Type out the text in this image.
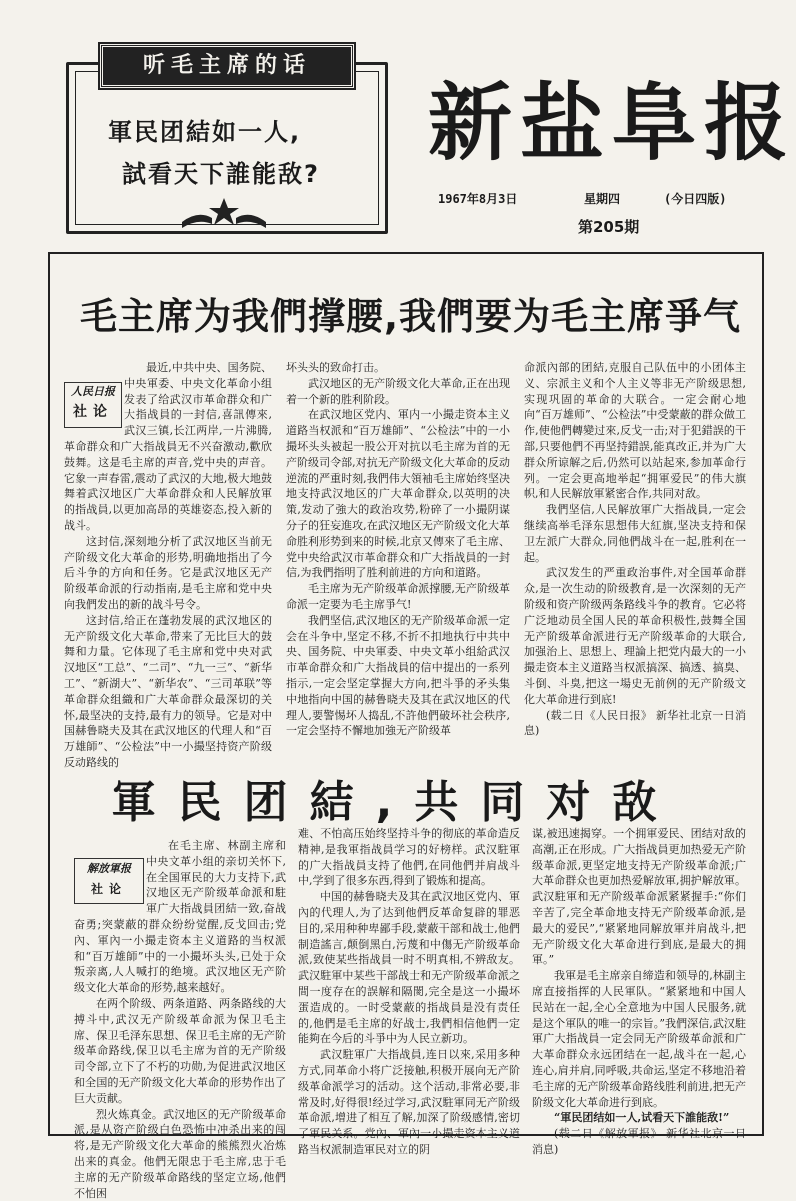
听毛主席的话
軍民团結如一人,
試看天下誰能敌?
新盐阜报
1967年8月3日	星期四	(今日四版)
第205期
毛主席为我們撑腰,我們要为毛主席爭气
人民日报
社论

最近,中共中央、国务院、中央軍委、中央文化革命小组发表了给武汉市革命群众和广大指战員的一封信,喜訊傳來,武汉三镇,长江两岸,一片沸腾,革命群众和广大指战員无不兴奋激动,歡欣鼓舞。这是毛主席的声音,党中央的声音。它象一声春雷,震动了武汉的大地,极大地鼓舞着武汉地区广大革命群众和人民解放軍的指战員,以更加高昂的英雄姿态,投入新的战斗。

这封信,深刻地分析了武汉地区当前无产阶级文化大革命的形势,明确地指出了今后斗争的方向和任务。它是武汉地区无产阶级革命派的行动指南,是毛主席和党中央向我們发出的新的战斗号令。

这封信,给正在蓬勃发展的武汉地区的无产阶级文化大革命,带来了无比巨大的鼓舞和力量。它体现了毛主席和党中央对武汉地区“工总”、“二司”、“九一三”、“新华工”、“新湖大”、“新华农”、“三司革联”等革命群众组織和广大革命群众最深切的关怀,最坚决的支持,最有力的领导。它是对中国赫鲁晓夫及其在武汉地区的代理人和“百万雄師”、“公检法”中一小撮坚持资产阶级反动路线的

坏头头的致命打击。

武汉地区的无产阶级文化大革命,正在出现着一个新的胜利阶段。

在武汉地区党内、軍内一小撮走资本主义道路当权派和“百万雄師”、“公检法”中的一小撮坏头头被起一股公开对抗以毛主席为首的无产阶级司令部,对抗无产阶级文化大革命的反动逆流的严重时刻,我們伟大領袖毛主席始终坚决地支持武汉地区的广大革命群众,以英明的决策,发动了強大的政治攻势,粉碎了一小撮阴谋分子的狂妄進攻,在武汉地区无产阶级文化大革命胜利形势到来的时候,北京又傳來了毛主席、党中央给武汉市革命群众和广大指战員的一封信,为我們指明了胜利前进的方向和道路。

毛主席为无产阶级革命派撑腰,无产阶级革命派一定要为毛主席爭气!

我們坚信,武汉地区的无产阶级革命派一定会在斗争中,坚定不移,不折不扣地执行中共中央、国务院、中央軍委、中央文革小组給武汉市革命群众和广大指战員的信中提出的一系列指示,一定会坚定掌握大方向,把斗爭的矛头集中地指向中国的赫鲁晓夫及其在武汉地区的代理人,要警惕坏人捣乱,不許他們破坏社会秩序,一定会坚持不懈地加強无产阶级革

命派內部的团結,克服自己队伍中的小团体主义、宗派主义和个人主义等非无产阶级思想,实现巩固的革命的大联合。一定会耐心地向“百万雄师”、“公检法”中受蒙蔽的群众做工作,使他們轉變过來,反戈一击;对于犯錯誤的干部,只要他們不再坚持錯誤,能真改正,并为广大群众所谅解之后,仍然可以站起來,参加革命行列。一定会更高地举起“拥軍爱民”的伟大旗帜,和人民解放軍紧密合作,共同对敌。

我們坚信,人民解放軍广大指战員,一定会继续高举毛泽东思想伟大紅旗,坚决支持和保卫左派广大群众,同他們战斗在一起,胜利在一起。

武汉发生的严重政治事件,对全国革命群众,是一次生动的阶级教育,是一次深刻的无产阶级和资产阶级两条路线斗争的教育。它必将广泛地动员全国人民的革命积极性,鼓舞全国无产阶级革命派进行无产阶级革命的大联合,加强治上、思想上、理論上把党内最大的一小撮走资本主义道路当权派搞深、搞透、搞臭、斗倒、斗臭,把这一場史无前例的无产阶级文化大革命进行到底!

(载二日《人民日报》 新华社北京一日消息)

軍民团結,共同对敌
解放軍报
社论

在毛主席、林副主席和中央文革小组的亲切关怀下,在全国軍民的大力支持下,武汉地区无产阶级革命派和駐軍广大指战員团結一致,奋战奋勇;突蒙蔽的群众纷纷觉醒,反戈回击;党內、軍內一小撮走资本主义道路的当权派和“百万雄師”中的一小撮坏头头,已处于众叛亲离,人人喊打的绝境。武汉地区无产阶级文化大革命的形势,越来越好。

在两个阶级、两条道路、两条路线的大搏斗中,武汉无产阶级革命派为保卫毛主席、保卫毛泽东思想、保卫毛主席的无产阶级革命路线,保卫以毛主席为首的无产阶级司令部,立下了不朽的功勋,为促进武汉地区和全国的无产阶级文化大革命的形势作出了巨大贡献。

烈火炼真金。武汉地区的无产阶级革命派,是从资产阶级白色恐怖中冲杀出来的闯将,是无产阶级文化大革命的熊熊烈火冶炼出来的真金。他們无限忠于毛主席,忠于毛主席的无产阶级革命路线的坚定立场,他們不怕困

难、不怕高压始终坚持斗争的彻底的革命造反精神,是我軍指战員学习的好榜样。武汉駐軍的广大指战員支持了他們,在同他們并肩战斗中,学到了很多东西,得到了锻炼和提高。

中国的赫鲁晓夫及其在武汉地区党内、軍內的代理人,为了达到他們反革命复辟的罪恶目的,采用种种卑鄙手段,蒙蔽干部和战士,他們制造謠言,颠倒黑白,污蔑和中傷无产阶级革命派,致使某些指战員一时不明真相,不辨敌友。武汉駐軍中某些干部战士和无产阶级革命派之間一度存在的誤解和隔閡,完全是这一小撮坏蛋造成的。一时受蒙蔽的指战員是没有责任的,他們是毛主席的好战士,我們相信他們一定能夠在今后的斗爭中为人民立新功。

武汉駐軍广大指战員,连日以來,采用多种方式,同革命小将广泛接触,积极开展向无产阶级革命派学习的活动。这个活动,非常必要,非常及时,好得很!经过学习,武汉駐軍同无产阶级革命派,增进了相互了解,加深了阶级感情,密切了軍民关系。党內、軍內一小撮走资本主义道路当权派制造軍民对立的阴

谋,被迅速揭穿。一个拥軍爱民、团结对敌的高潮,正在形成。广大指战員更加热爱无产阶级革命派,更坚定地支持无产阶级革命派;广大革命群众也更加热爱解放軍,拥护解放軍。武汉駐軍和无产阶级革命派紧紧握手:“你们辛苦了,完全革命地支持无产阶级革命派,是最大的爱民”,“紧紧地同解放軍并肩战斗,把无产阶级文化大革命进行到底,是最大的拥軍。”

我軍是毛主席亲自缔造和领导的,林副主席直接指挥的人民軍队。“紧紧地和中国人民站在一起,全心全意地为中国人民服务,就是这个軍队的唯一的宗旨。”我們深信,武汉駐軍广大指战員一定会同无产阶级革命派和广大革命群众永远团结在一起,战斗在一起,心连心,肩并肩,同呼吸,共命运,坚定不移地沿着毛主席的无产阶级革命路线胜利前进,把无产阶级文化大革命进行到底。

“軍民团结如一人,试看天下誰能敌!”

(载二日《解放軍报》 新华社北京一日消息)
